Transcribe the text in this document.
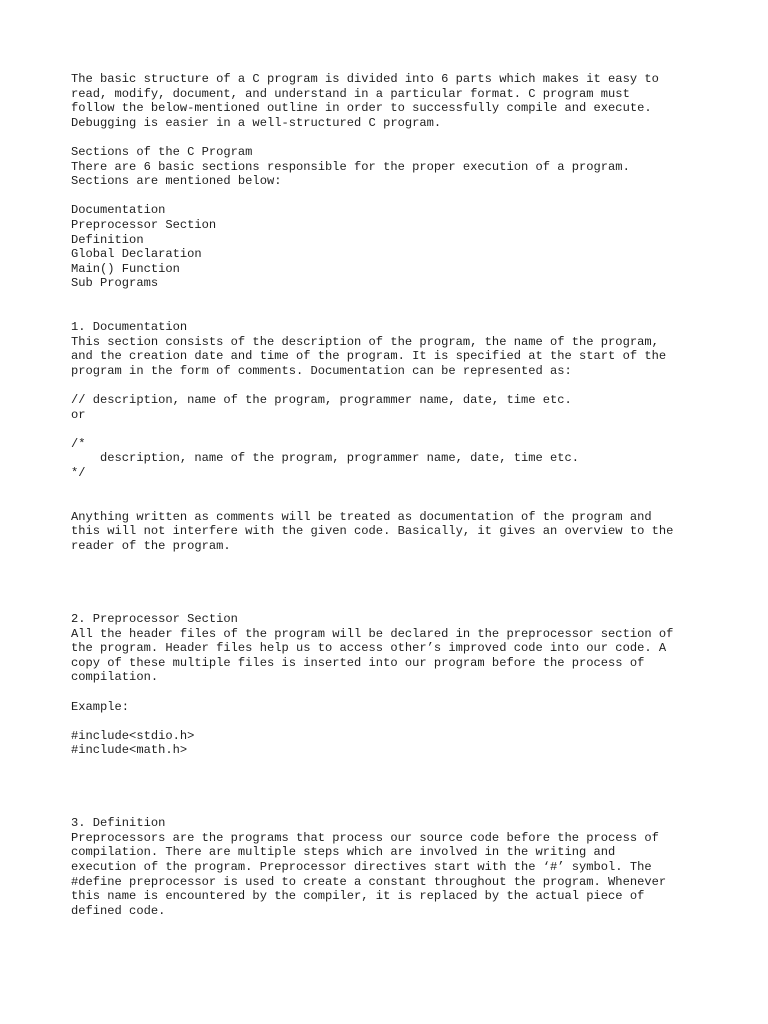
The basic structure of a C program is divided into 6 parts which makes it easy to
read, modify, document, and understand in a particular format. C program must
follow the below-mentioned outline in order to successfully compile and execute.
Debugging is easier in a well-structured C program.
Sections of the C Program
There are 6 basic sections responsible for the proper execution of a program.
Sections are mentioned below:
Documentation
Preprocessor Section
Definition
Global Declaration
Main() Function
Sub Programs
1. Documentation
This section consists of the description of the program, the name of the program,
and the creation date and time of the program. It is specified at the start of the
program in the form of comments. Documentation can be represented as:
// description, name of the program, programmer name, date, time etc.
or
/*
description, name of the program, programmer name, date, time etc.
*/
Anything written as comments will be treated as documentation of the program and
this will not interfere with the given code. Basically, it gives an overview to the
reader of the program.
2. Preprocessor Section
All the header files of the program will be declared in the preprocessor section of
the program. Header files help us to access other’s improved code into our code. A
copy of these multiple files is inserted into our program before the process of
compilation.
Example:
#include<stdio.h>
#include<math.h>
3. Definition
Preprocessors are the programs that process our source code before the process of
compilation. There are multiple steps which are involved in the writing and
execution of the program. Preprocessor directives start with the ‘#’ symbol. The
#define preprocessor is used to create a constant throughout the program. Whenever
this name is encountered by the compiler, it is replaced by the actual piece of
defined code.
